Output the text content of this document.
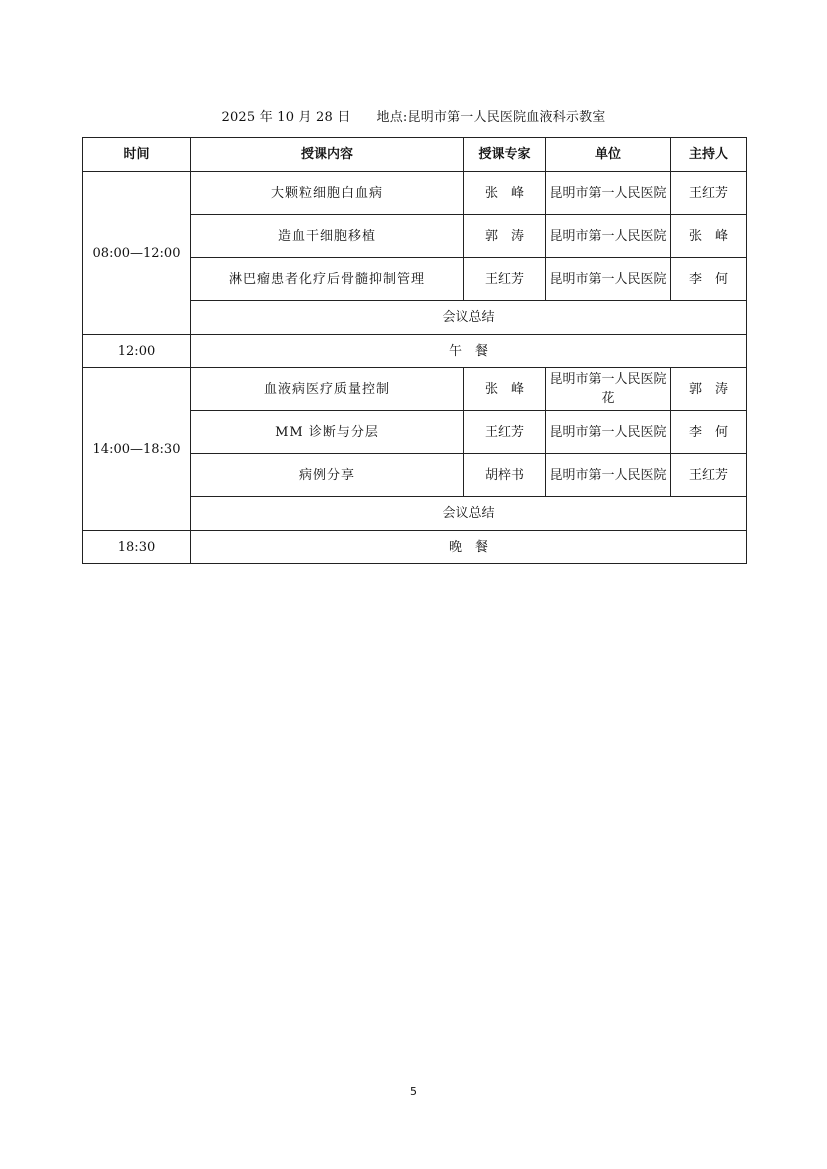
2025 年 10 月 28 日 地点:昆明市第一人民医院血液科示教室
时间	授课内容	授课专家	单位	主持人
08:00—12:00	大颗粒细胞白血病	张　峰	昆明市第一人民医院	王红芳
	造血干细胞移植	郭　涛	昆明市第一人民医院	张　峰
	淋巴瘤患者化疗后骨髓抑制管理	王红芳	昆明市第一人民医院	李　何
	会议总结			
12:00	午　餐			
14:00—18:30	血液病医疗质量控制	张　峰	昆明市第一人民医院花	郭　涛
	MM 诊断与分层	王红芳	昆明市第一人民医院	李　何
	病例分享	胡梓书	昆明市第一人民医院	王红芳
	会议总结			
18:30	晚　餐			
5
